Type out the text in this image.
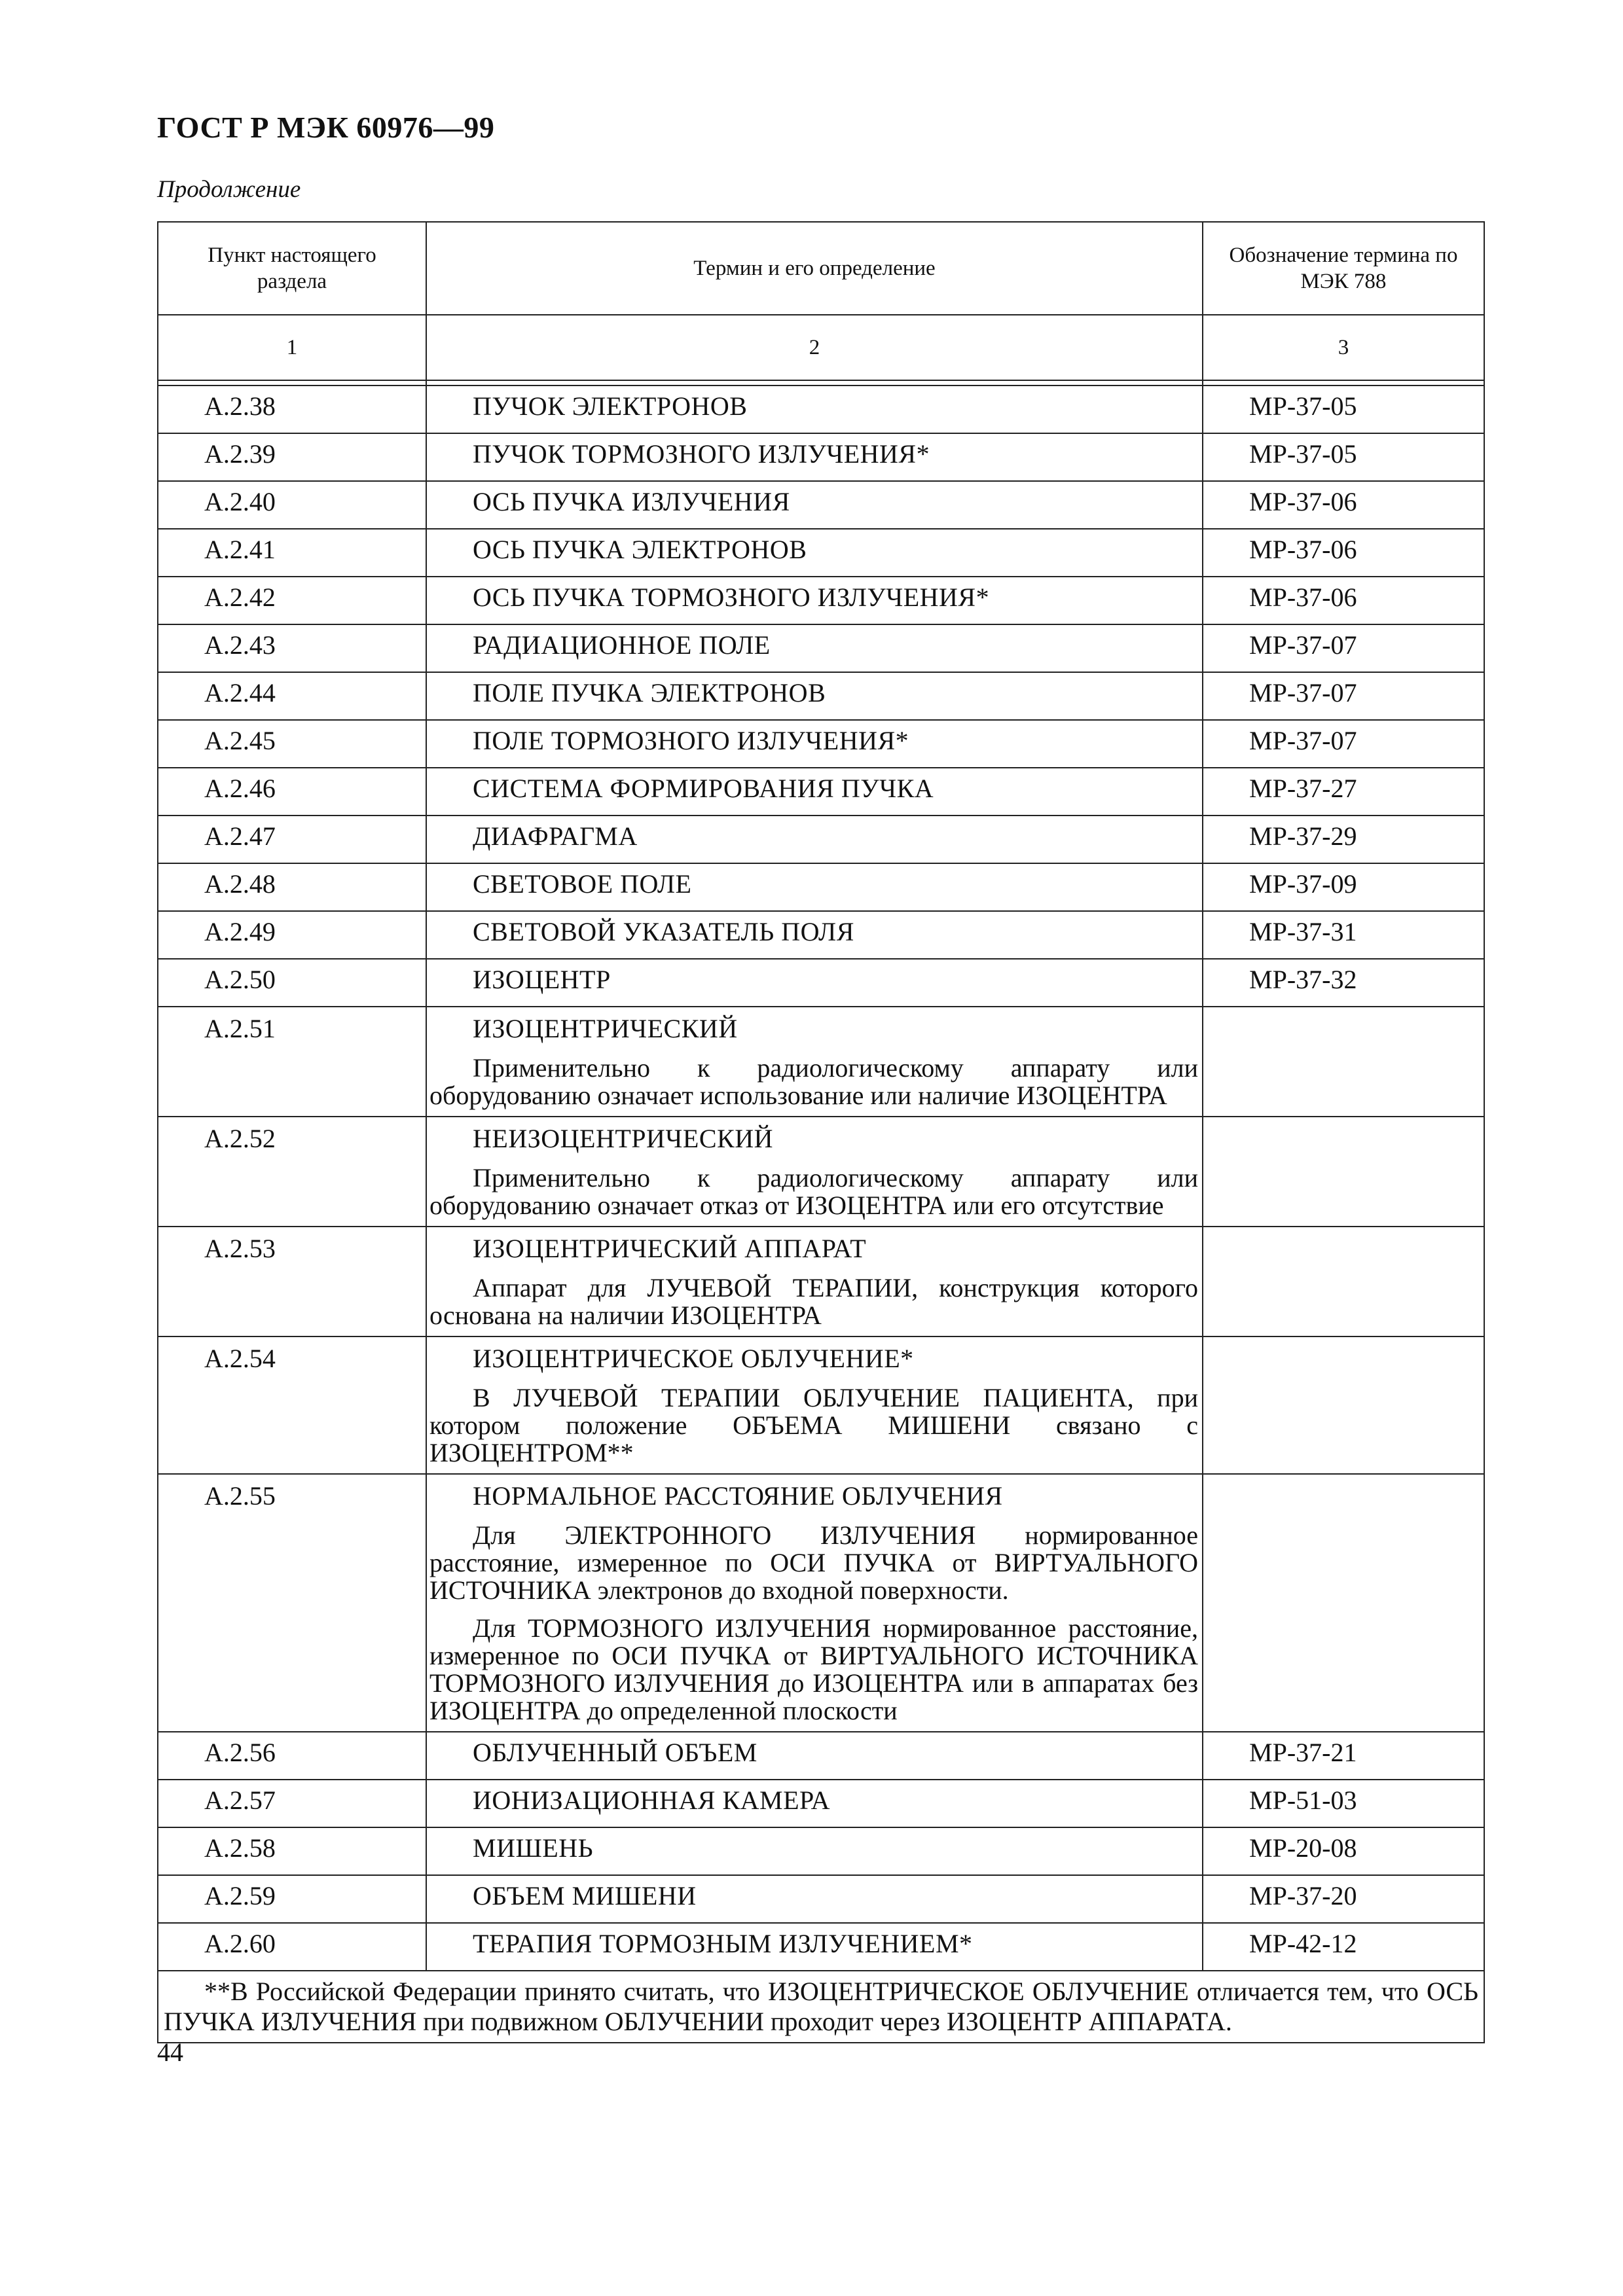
ГОСТ Р МЭК 60976—99
Продолжение
Пункт настоящего раздела	Термин и его определение	Обозначение термина по МЭК 788

1	2	3

А.2.38	ПУЧОК ЭЛЕКТРОНОВ	МР-37-05
А.2.39	ПУЧОК ТОРМОЗНОГО ИЗЛУЧЕНИЯ*	МР-37-05
А.2.40	ОСЬ ПУЧКА ИЗЛУЧЕНИЯ	МР-37-06
А.2.41	ОСЬ ПУЧКА ЭЛЕКТРОНОВ	МР-37-06
А.2.42	ОСЬ ПУЧКА ТОРМОЗНОГО ИЗЛУЧЕНИЯ*	МР-37-06
А.2.43	РАДИАЦИОННОЕ ПОЛЕ	МР-37-07
А.2.44	ПОЛЕ ПУЧКА ЭЛЕКТРОНОВ	МР-37-07
А.2.45	ПОЛЕ ТОРМОЗНОГО ИЗЛУЧЕНИЯ*	МР-37-07
А.2.46	СИСТЕМА ФОРМИРОВАНИЯ ПУЧКА	МР-37-27
А.2.47	ДИАФРАГМА	МР-37-29
А.2.48	СВЕТОВОЕ ПОЛЕ	МР-37-09
А.2.49	СВЕТОВОЙ УКАЗАТЕЛЬ ПОЛЯ	МР-37-31
А.2.50	ИЗОЦЕНТР	МР-37-32
А.2.51	ИЗОЦЕНТРИЧЕСКИЙ
Применительно к радиологическому аппарату или оборудованию означает использование или наличие ИЗОЦЕНТРА	

А.2.52	НЕИЗОЦЕНТРИЧЕСКИЙ
Применительно к радиологическому аппарату или оборудованию означает отказ от ИЗОЦЕНТРА или его отсутствие	

А.2.53	ИЗОЦЕНТРИЧЕСКИЙ АППАРАТ
Аппарат для ЛУЧЕВОЙ ТЕРАПИИ, конструкция которого основана на наличии ИЗОЦЕНТРА	

А.2.54	ИЗОЦЕНТРИЧЕСКОЕ ОБЛУЧЕНИЕ*
В ЛУЧЕВОЙ ТЕРАПИИ ОБЛУЧЕНИЕ ПАЦИЕНТА, при котором положение ОБЪЕМА МИШЕНИ связано с ИЗОЦЕНТРОМ**	

А.2.55	НОРМАЛЬНОЕ РАССТОЯНИЕ ОБЛУЧЕНИЯ
Для ЭЛЕКТРОННОГО ИЗЛУЧЕНИЯ нормированное расстояние, измеренное по ОСИ ПУЧКА от ВИРТУАЛЬНОГО ИСТОЧНИКА электронов до входной поверхности.
Для ТОРМОЗНОГО ИЗЛУЧЕНИЯ нормированное расстояние, измеренное по ОСИ ПУЧКА от ВИРТУАЛЬНОГО ИСТОЧНИКА ТОРМОЗНОГО ИЗЛУЧЕНИЯ до ИЗОЦЕНТРА или в аппаратах без ИЗОЦЕНТРА до определенной плоскости	

А.2.56	ОБЛУЧЕННЫЙ ОБЪЕМ	МР-37-21
А.2.57	ИОНИЗАЦИОННАЯ КАМЕРА	МР-51-03
А.2.58	МИШЕНЬ	МР-20-08
А.2.59	ОБЪЕМ МИШЕНИ	МР-37-20
А.2.60	ТЕРАПИЯ ТОРМОЗНЫМ ИЗЛУЧЕНИЕМ*	МР-42-12

**В Российской Федерации принято считать, что ИЗОЦЕНТРИЧЕСКОЕ ОБЛУЧЕНИЕ отличается тем, что ОСЬ ПУЧКА ИЗЛУЧЕНИЯ при подвижном ОБЛУЧЕНИИ проходит через ИЗОЦЕНТР АППАРАТА.		
44
